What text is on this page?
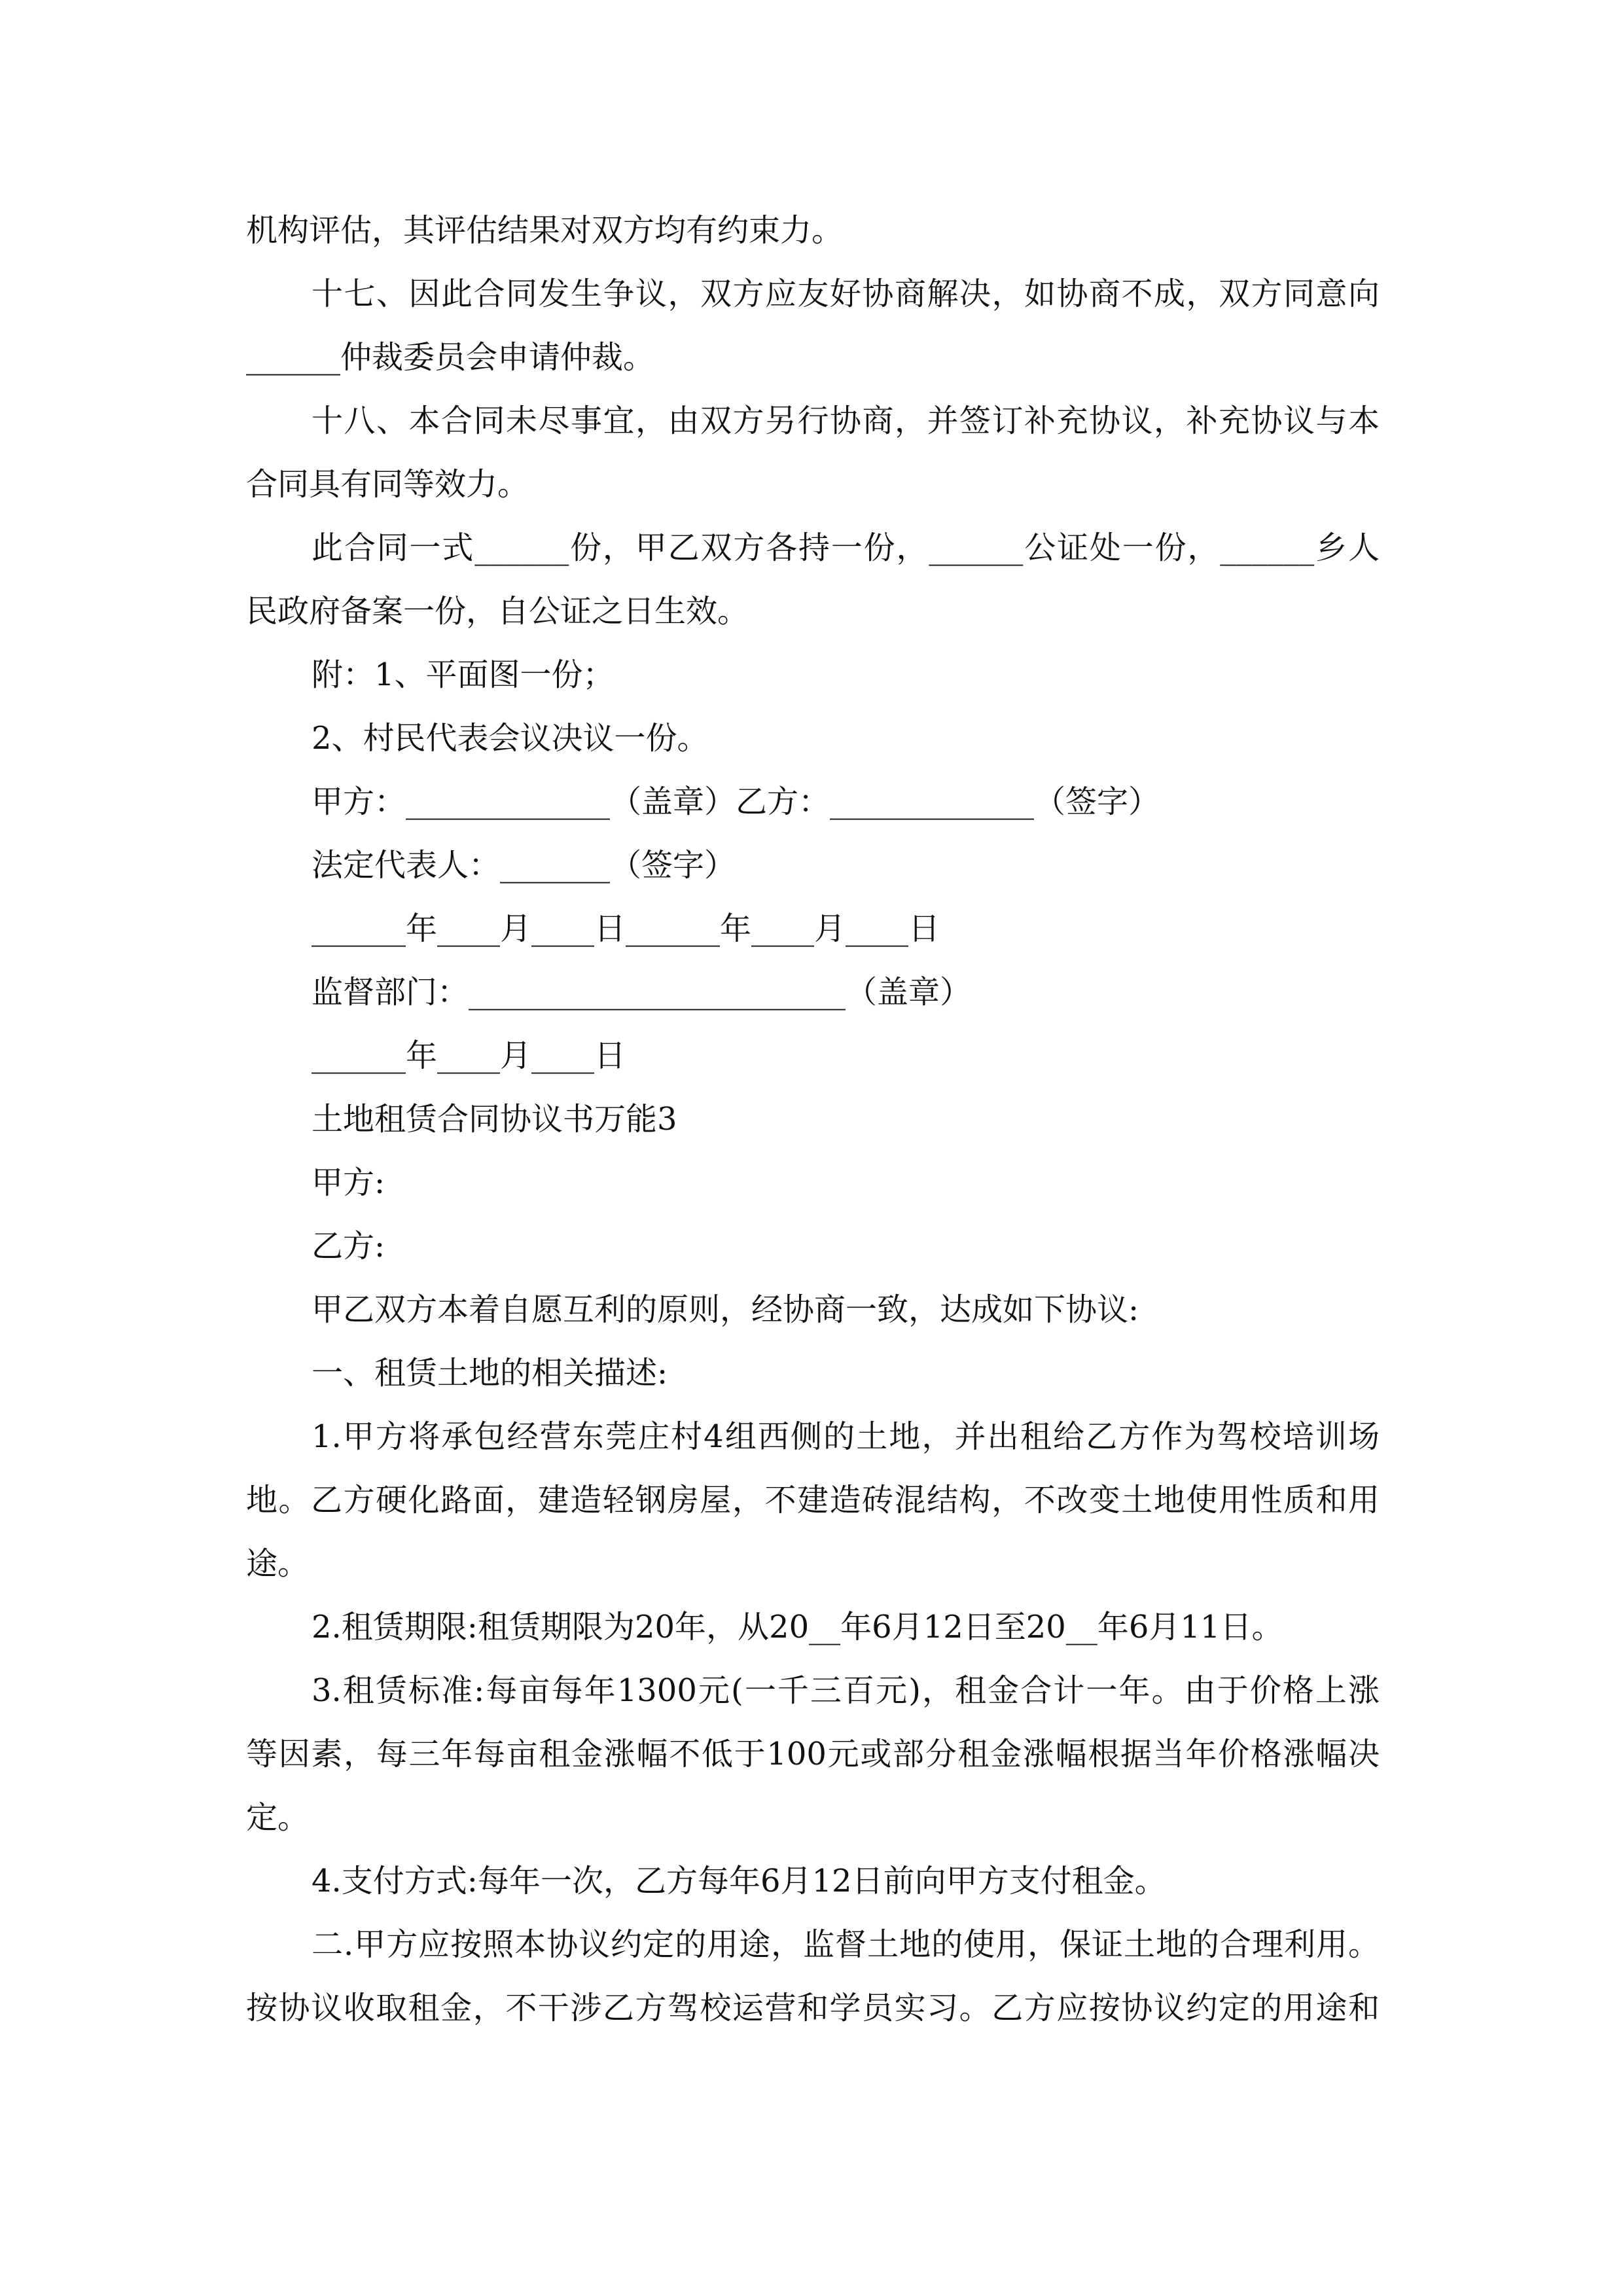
机构评估，其评估结果对双方均有约束力。
十七、因此合同发生争议，双方应友好协商解决，如协商不成，双方同意向
______仲裁委员会申请仲裁。
十八、本合同未尽事宜，由双方另行协商，并签订补充协议，补充协议与本
合同具有同等效力。
此合同一式______份，甲乙双方各持一份，______公证处一份，______乡人
民政府备案一份，自公证之日生效。
附：1、平面图一份；
2、村民代表会议决议一份。
甲方：_____________（盖章）乙方：_____________（签字）
法定代表人：_______（签字）
______年____月____日______年____月____日
监督部门：________________________（盖章）
______年____月____日
土地租赁合同协议书万能3
甲方:
乙方:
甲乙双方本着自愿互利的原则，经协商一致，达成如下协议:
一、租赁土地的相关描述:
1.甲方将承包经营东莞庄村4组西侧的土地，并出租给乙方作为驾校培训场
地。乙方硬化路面，建造轻钢房屋，不建造砖混结构，不改变土地使用性质和用
途。
2.租赁期限:租赁期限为20年，从20__年6月12日至20__年6月11日。
3.租赁标准:每亩每年1300元(一千三百元)，租金合计一年。由于价格上涨
等因素，每三年每亩租金涨幅不低于100元或部分租金涨幅根据当年价格涨幅决
定。
4.支付方式:每年一次，乙方每年6月12日前向甲方支付租金。
二.甲方应按照本协议约定的用途，监督土地的使用，保证土地的合理利用。
按协议收取租金，不干涉乙方驾校运营和学员实习。乙方应按协议约定的用途和
